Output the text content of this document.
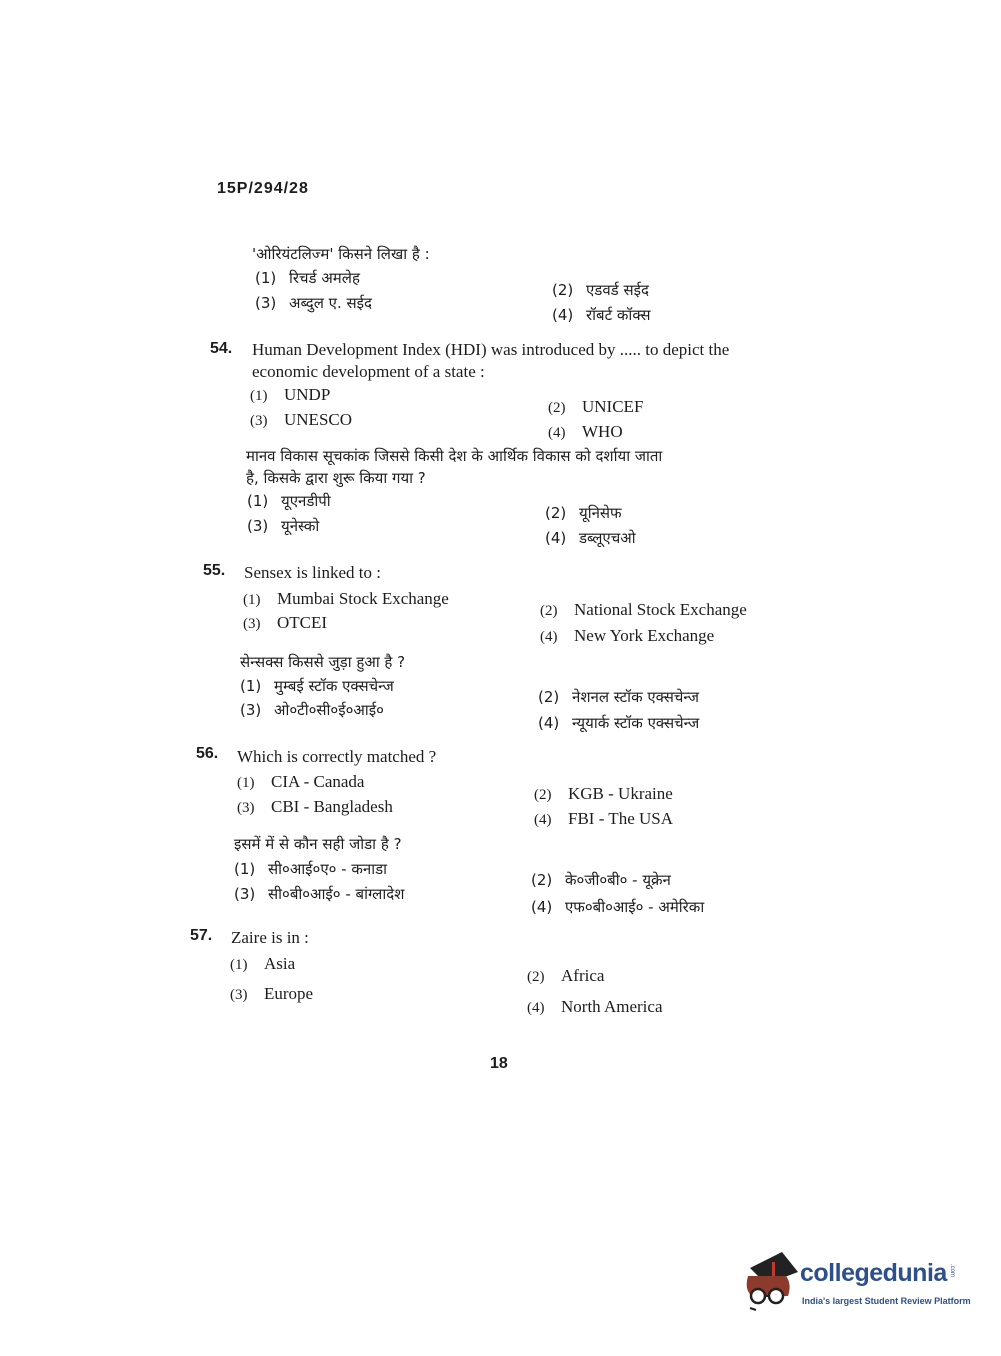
15P/294/28
'ओरियंटलिज्म' किसने लिखा है :
(1) रिचर्ड अमलेह
(3) अब्दुल ए. सईद
(2) एडवर्ड सईद
(4) रॉबर्ट कॉक्स
54. Human Development Index (HDI) was introduced by ..... to depict the
economic development of a state :
(1) UNDP
(3) UNESCO
(2) UNICEF
(4) WHO
मानव विकास सूचकांक जिससे किसी देश के आर्थिक विकास को दर्शाया जाता
है, किसके द्वारा शुरू किया गया ?
(1) यूएनडीपी
(3) यूनेस्को
(2) यूनिसेफ
(4) डब्लूएचओ
55. Sensex is linked to :
(1) Mumbai Stock Exchange
(3) OTCEI
(2) National Stock Exchange
(4) New York Exchange
सेन्सक्स किससे जुड़ा हुआ है ?
(1) मुम्बई स्टॉक एक्सचेन्ज
(3) ओ०टी०सी०ई०आई०
(2) नेशनल स्टॉक एक्सचेन्ज
(4) न्यूयार्क स्टॉक एक्सचेन्ज
56. Which is correctly matched ?
(1) CIA - Canada
(3) CBI - Bangladesh
(2) KGB - Ukraine
(4) FBI - The USA
इसमें में से कौन सही जोडा है ?
(1) सी०आई०ए० - कनाडा
(3) सी०बी०आई० - बांग्लादेश
(2) के०जी०बी० - यूक्रेन
(4) एफ०बी०आई० - अमेरिका
57. Zaire is in :
(1) Asia
(3) Europe
(2) Africa
(4) North America
18
collegedunia .com
India's largest Student Review Platform
